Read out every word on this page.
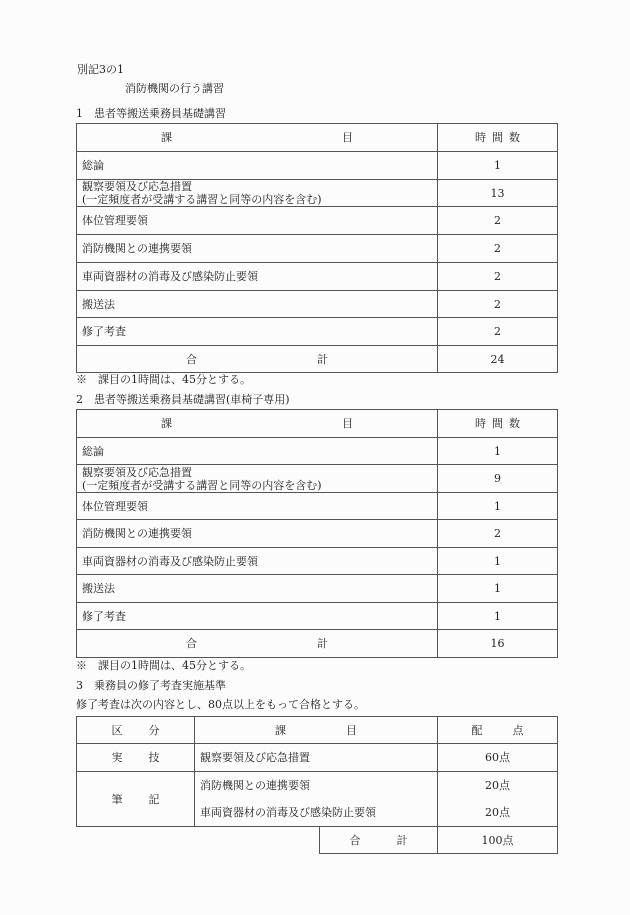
別記3の1
消防機関の行う講習
1　患者等搬送乗務員基礎講習
課 目	時 間 数
総論	1

観察要領及び応急措置
(一定頻度者が受講する講習と同等の内容を含む)	13
体位管理要領	2
消防機関との連携要領	2
車両資器材の消毒及び感染防止要領	2
搬送法	2
修了考査	2
合 計	24
※　課目の1時間は、45分とする。
2　患者等搬送乗務員基礎講習(車椅子専用)
課 目	時 間 数
総論	1

観察要領及び応急措置
(一定頻度者が受講する講習と同等の内容を含む)	9
体位管理要領	1
消防機関との連携要領	2
車両資器材の消毒及び感染防止要領	1
搬送法	1
修了考査	1
合 計	16
※　課目の1時間は、45分とする。
3　乗務員の修了考査実施基準
修了考査は次の内容とし、80点以上をもって合格とする。
区 分	課 目		配 点
実 技	観察要領及び応急措置		60点
筆 記	消防機関との連携要領		20点
	車両資器材の消毒及び感染防止要領		20点
		合 計	100点
